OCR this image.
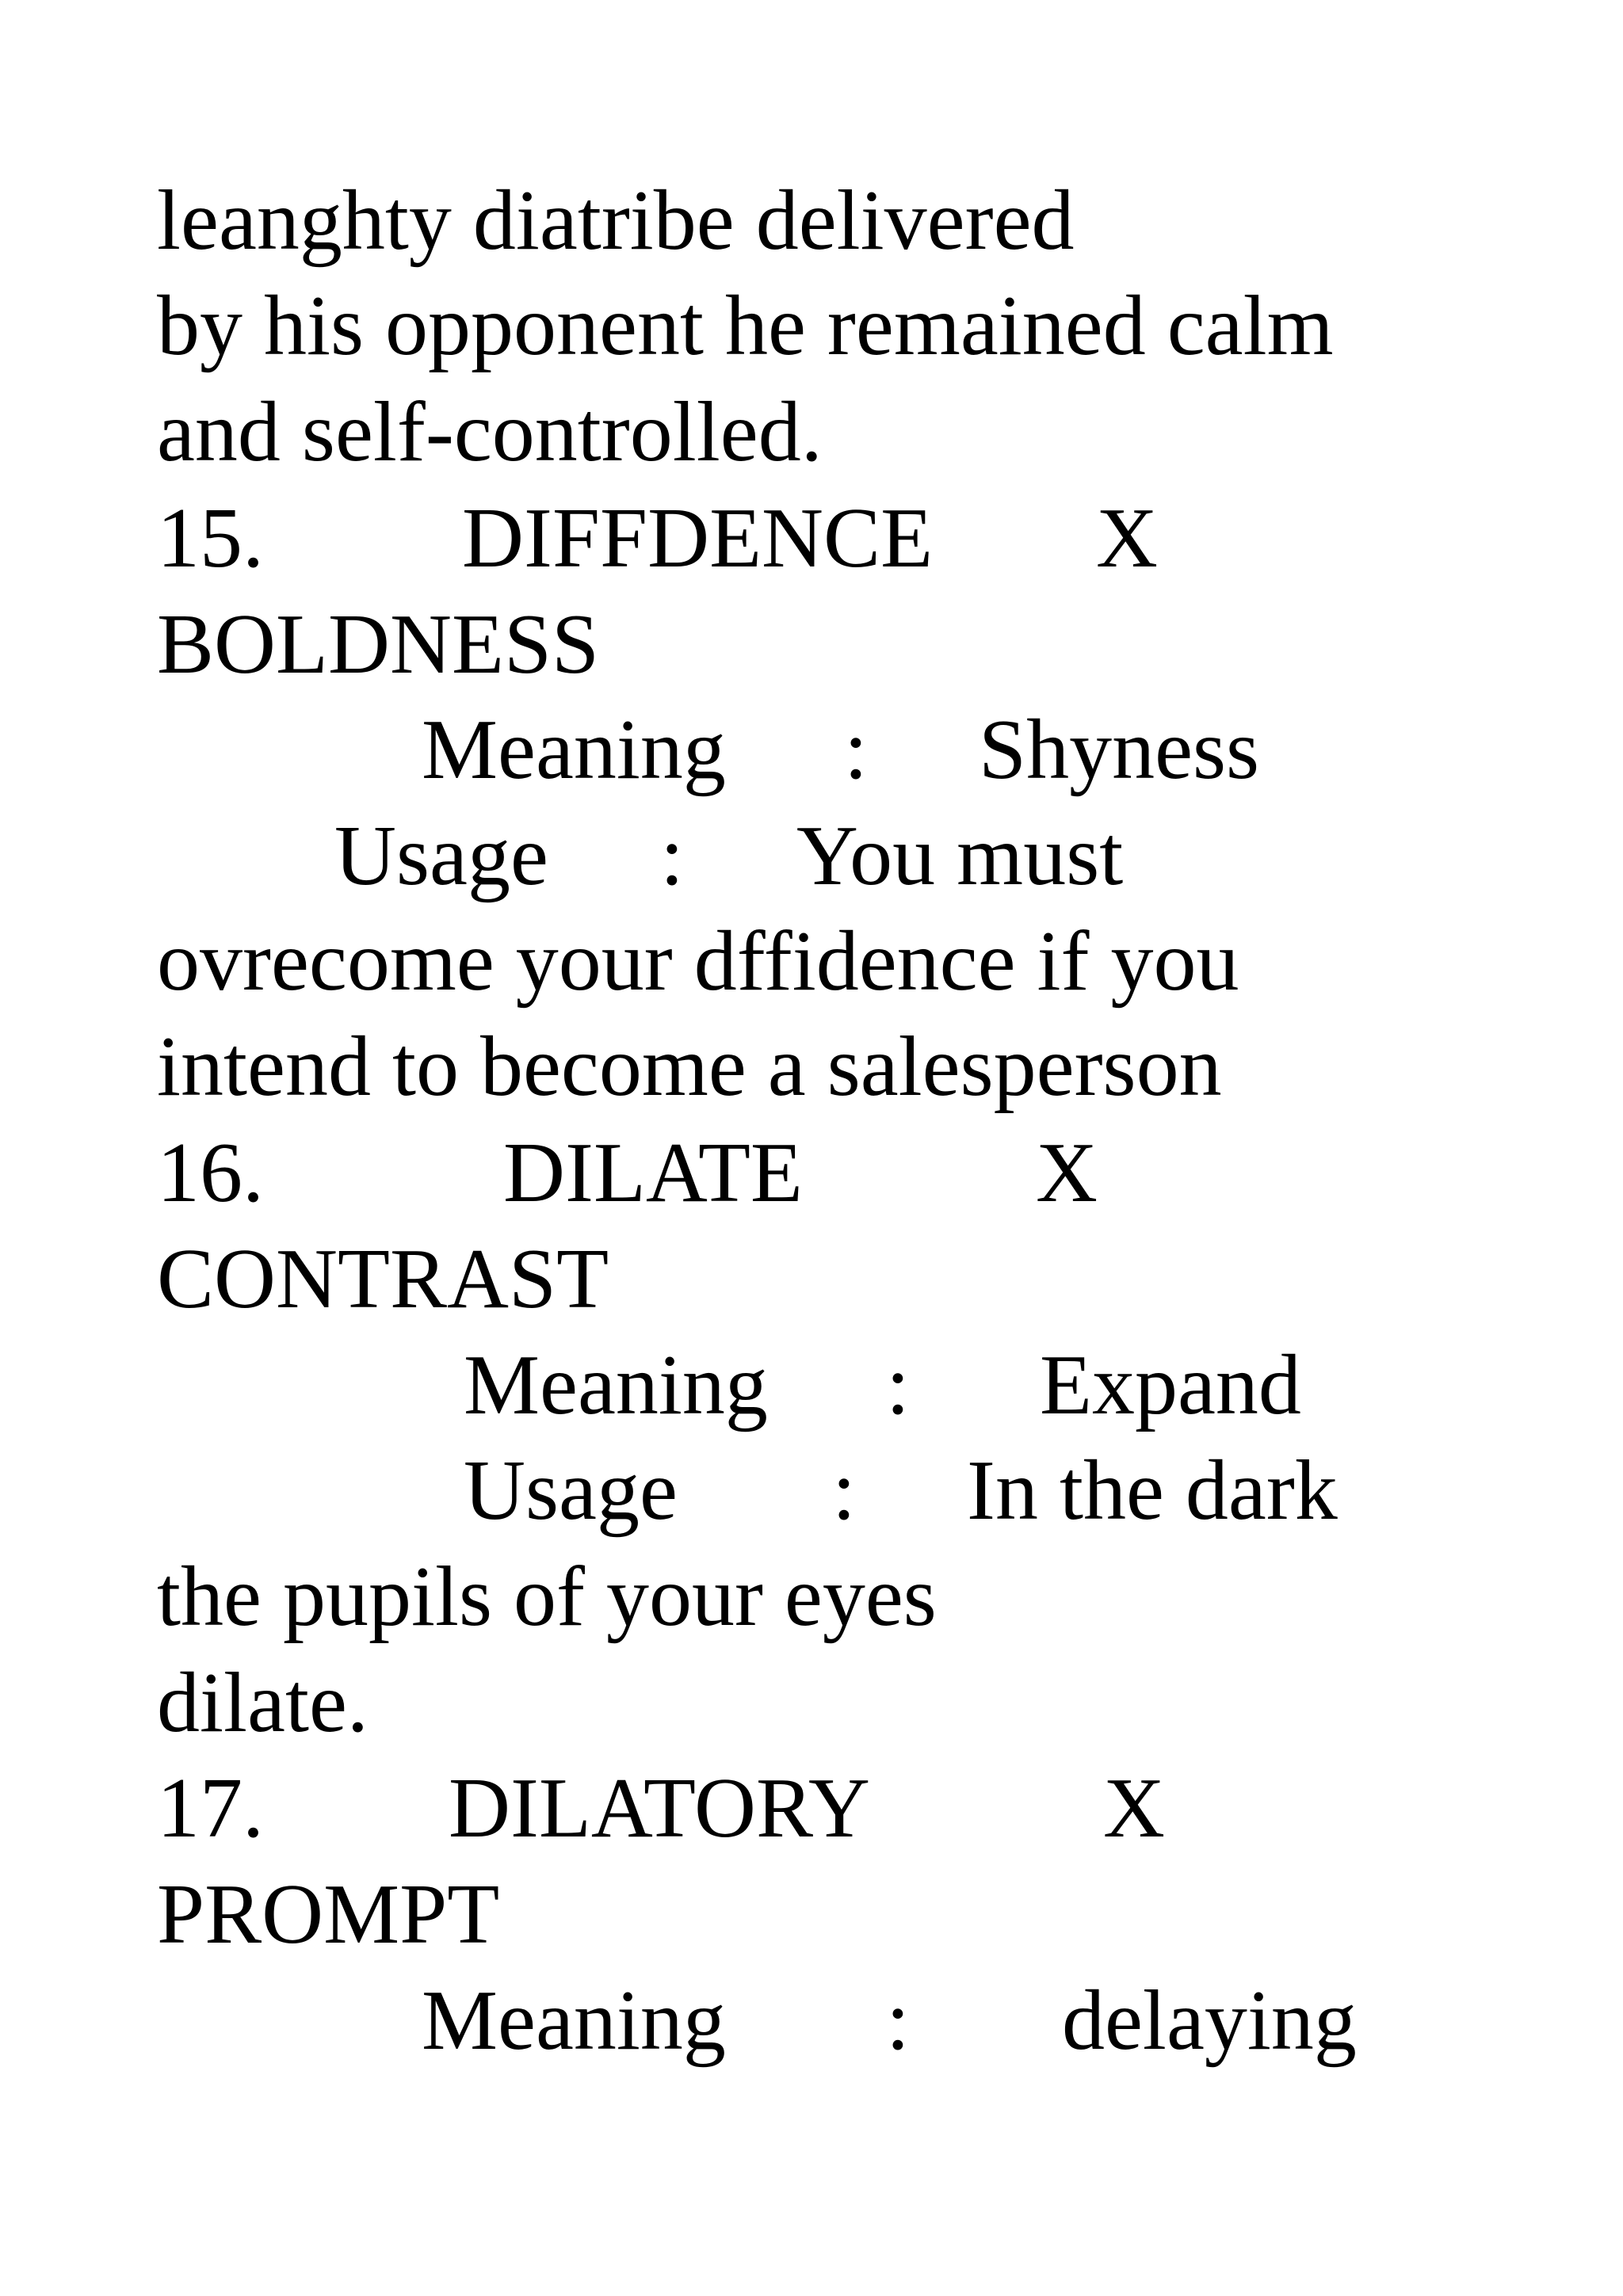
leanghty diatribe delivered
by his opponent he remained calm
and self-controlled.
15. DIFFDENCE X
BOLDNESS
Meaning : Shyness
Usage : You must
ovrecome your dffidence if you
intend to become a salesperson
16.	DILATE	X
CONTRAST
Meaning : Expand
Usage : In the dark
the pupils of your eyes
dilate.
17. DILATORY	X
PROMPT
Meaning : delaying
